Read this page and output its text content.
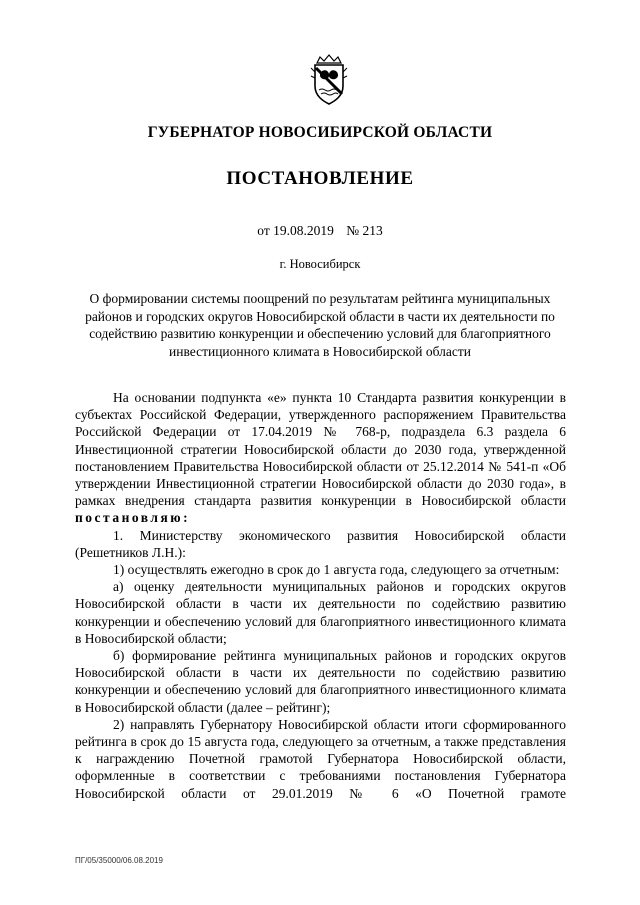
ГУБЕРНАТОР НОВОСИБИРСКОЙ ОБЛАСТИ
ПОСТАНОВЛЕНИЕ
от 19.08.2019 № 213
г. Новосибирск
О формировании системы поощрений по результатам рейтинга муниципальных районов и городских округов Новосибирской области в части их деятельности по содействию развитию конкуренции и обеспечению условий для благоприятного инвестиционного климата в Новосибирской области

На основании подпункта «е» пункта 10 Стандарта развития конкуренции в субъектах Российской Федерации, утвержденного распоряжением Правительства Российской Федерации от 17.04.2019 № 768-р, подраздела 6.3 раздела 6 Инвестиционной стратегии Новосибирской области до 2030 года, утвержденной постановлением Правительства Новосибирской области от 25.12.2014 № 541-п «Об утверждении Инвестиционной стратегии Новосибирской области до 2030 года», в рамках внедрения стандарта развития конкуренции в Новосибирской области постановляю:

1. Министерству экономического развития Новосибирской области (Решетников Л.Н.):

1) осуществлять ежегодно в срок до 1 августа года, следующего за отчетным:

а) оценку деятельности муниципальных районов и городских округов Новосибирской области в части их деятельности по содействию развитию конкуренции и обеспечению условий для благоприятного инвестиционного климата в Новосибирской области;

б) формирование рейтинга муниципальных районов и городских округов Новосибирской области в части их деятельности по содействию развитию конкуренции и обеспечению условий для благоприятного инвестиционного климата в Новосибирской области (далее – рейтинг);

2) направлять Губернатору Новосибирской области итоги сформированного рейтинга в срок до 15 августа года, следующего за отчетным, а также представления к награждению Почетной грамотой Губернатора Новосибирской области, оформленные в соответствии с требованиями постановления Губернатора Новосибирской области от 29.01.2019 № 6 «О Почетной грамоте

ПГ/05/35000/06.08.2019
